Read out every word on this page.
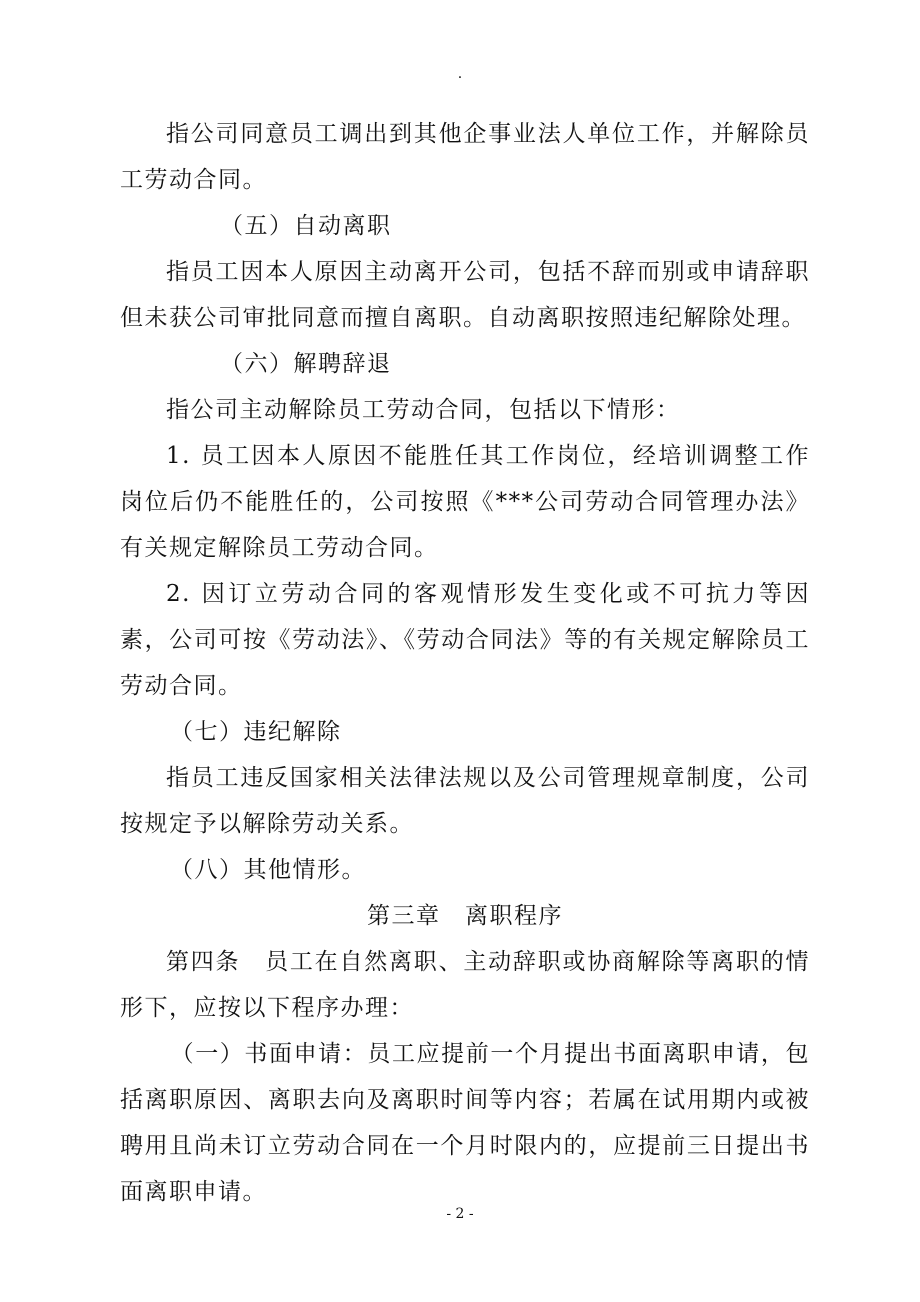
.

指公司同意员工调出到其他企事业法人单位工作，并解除员工劳动合同。

（五）自动离职

指员工因本人原因主动离开公司，包括不辞而别或申请辞职但未获公司审批同意而擅自离职。自动离职按照违纪解除处理。

（六）解聘辞退

指公司主动解除员工劳动合同，包括以下情形：

1. 员工因本人原因不能胜任其工作岗位，经培训调整工作岗位后仍不能胜任的，公司按照《***公司劳动合同管理办法》有关规定解除员工劳动合同。

2. 因订立劳动合同的客观情形发生变化或不可抗力等因素，公司可按《劳动法》、《劳动合同法》等的有关规定解除员工劳动合同。

（七）违纪解除

指员工违反国家相关法律法规以及公司管理规章制度，公司按规定予以解除劳动关系。

（八）其他情形。

第三章　离职程序

第四条　员工在自然离职、主动辞职或协商解除等离职的情形下，应按以下程序办理：

（一）书面申请：员工应提前一个月提出书面离职申请，包括离职原因、离职去向及离职时间等内容；若属在试用期内或被聘用且尚未订立劳动合同在一个月时限内的，应提前三日提出书面离职申请。

- 2 -
